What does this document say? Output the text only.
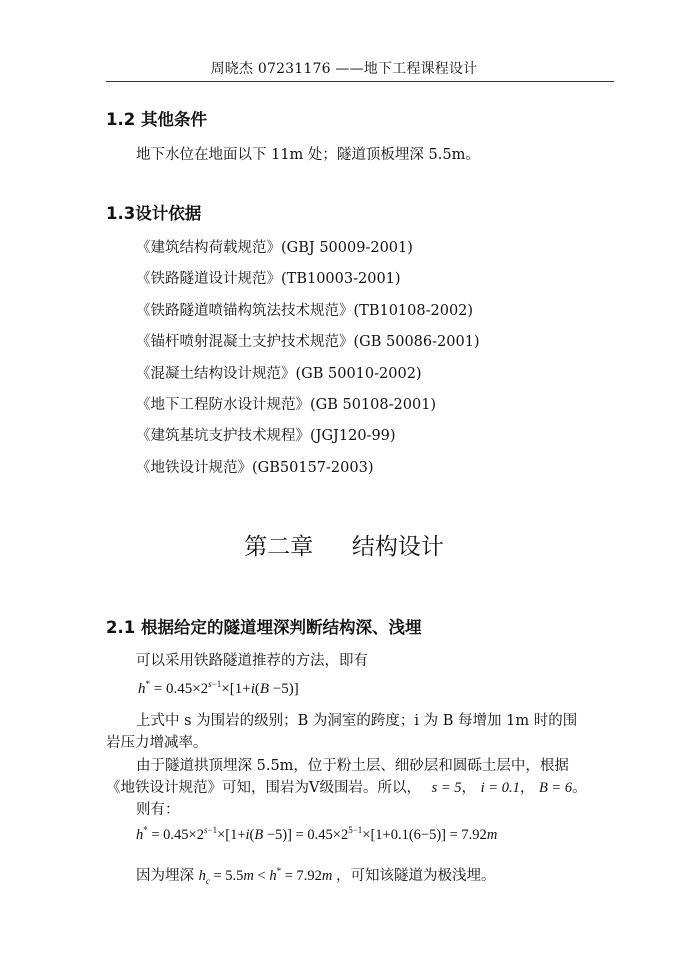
周晓杰 07231176 ——地下工程课程设计
1.2 其他条件
地下水位在地面以下 11m 处；隧道顶板埋深 5.5m。
1.3设计依据
《建筑结构荷载规范》(GBJ 50009-2001)
《铁路隧道设计规范》(TB10003-2001)
《铁路隧道喷锚构筑法技术规范》(TB10108-2002)
《锚杆喷射混凝土支护技术规范》(GB 50086-2001)
《混凝土结构设计规范》(GB 50010-2002)
《地下工程防水设计规范》(GB 50108-2001)
《建筑基坑支护技术规程》(JGJ120-99)
《地铁设计规范》(GB50157-2003)
第二章 结构设计
2.1 根据给定的隧道埋深判断结构深、浅埋
可以采用铁路隧道推荐的方法，即有
$h^* = 0.45\times 2^{s-1}\times[1+i(B -5)]$
上式中 s 为围岩的级别；B 为洞室的跨度；i 为 B 每增加 1m 时的围
岩压力增减率。
由于隧道拱顶埋深 5.5m，位于粉土层、细砂层和圆砾土层中，根据
《地铁设计规范》可知，围岩为Ⅴ级围岩。所以， s = 5， i = 0.1， B = 6。
则有：
$h^* = 0.45\times 2^{s-1}\times[1+i(B -5)] = 0.45\times 2^{5-1}\times[1+0.1(6-5)] = 7.92m$
因为埋深 $h_c = 5.5m < h^* = 7.92m$ ，可知该隧道为极浅埋。
